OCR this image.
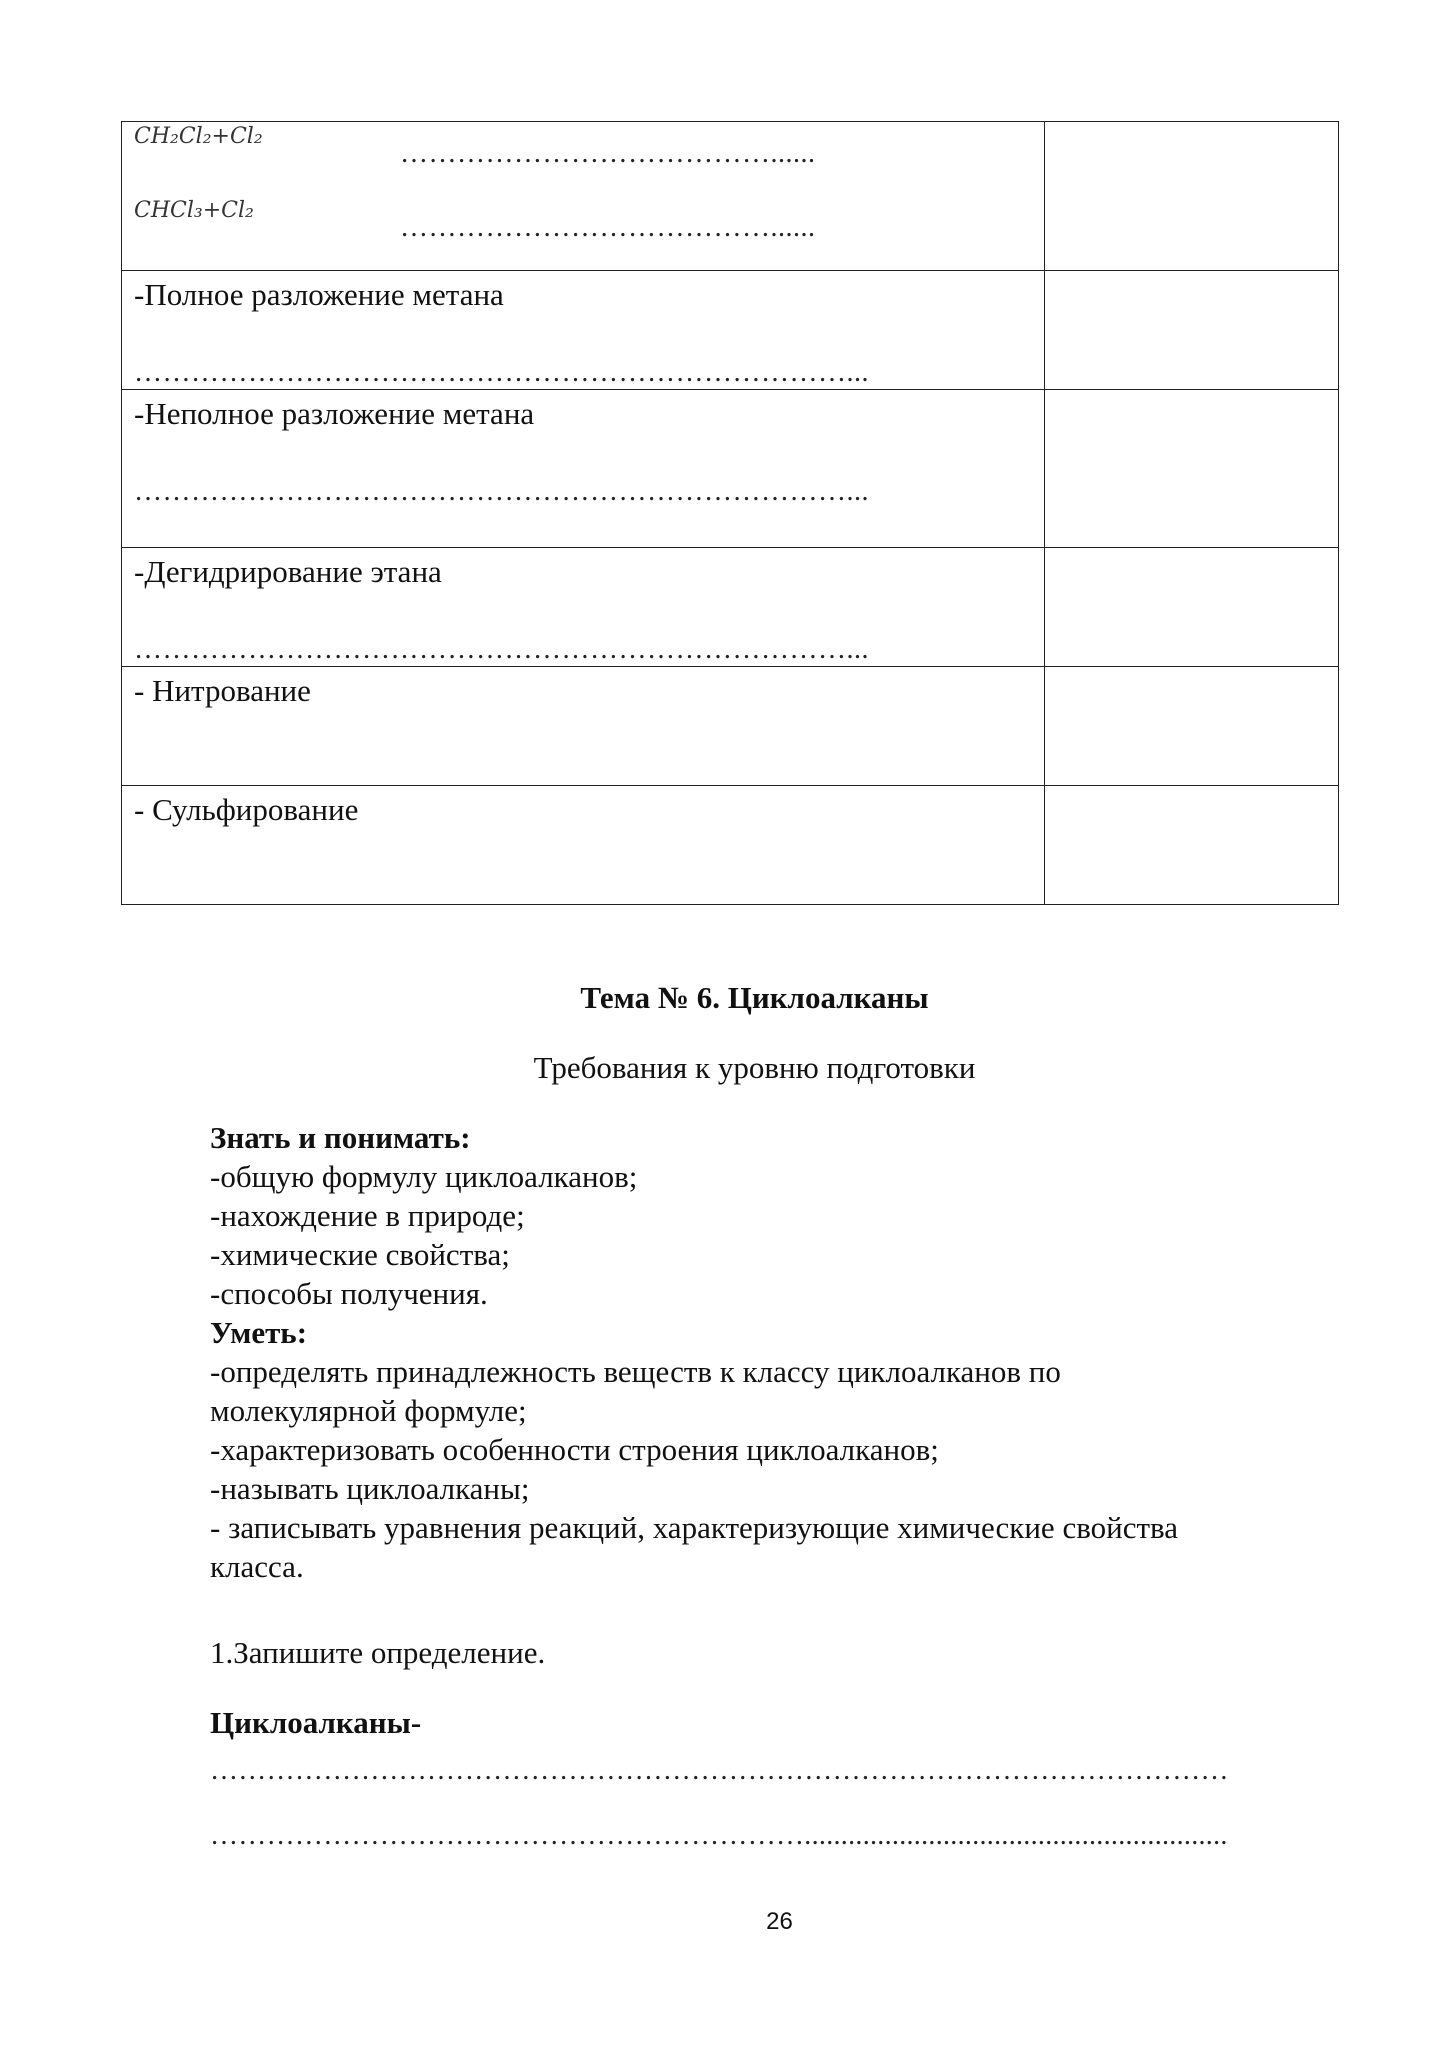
CH₂Cl₂+Cl₂
…………………………………......
CHCl₃+Cl₂
…………………………………......	

-Полное разложение метана
…………………………………………………………………...	

-Неполное разложение метана
…………………………………………………………………...	

-Дегидрирование этана
…………………………………………………………………...	

- Нитрование	

- Сульфирование	

Тема № 6. Циклоалканы
Требования к уровню подготовки
Знать и понимать:
-общую формулу циклоалканов;
-нахождение в природе;
-химические свойства;
-способы получения.
Уметь:
-определять принадлежность веществ к классу циклоалканов по
молекулярной формуле;
-характеризовать особенности строения циклоалканов;
-называть циклоалканы;
- записывать уравнения реакций, характеризующие химические свойства
класса.
1.Запишите определение.
Циклоалканы-
………………………………………………………………………………………………
………………………………………………………..........................................................
26
